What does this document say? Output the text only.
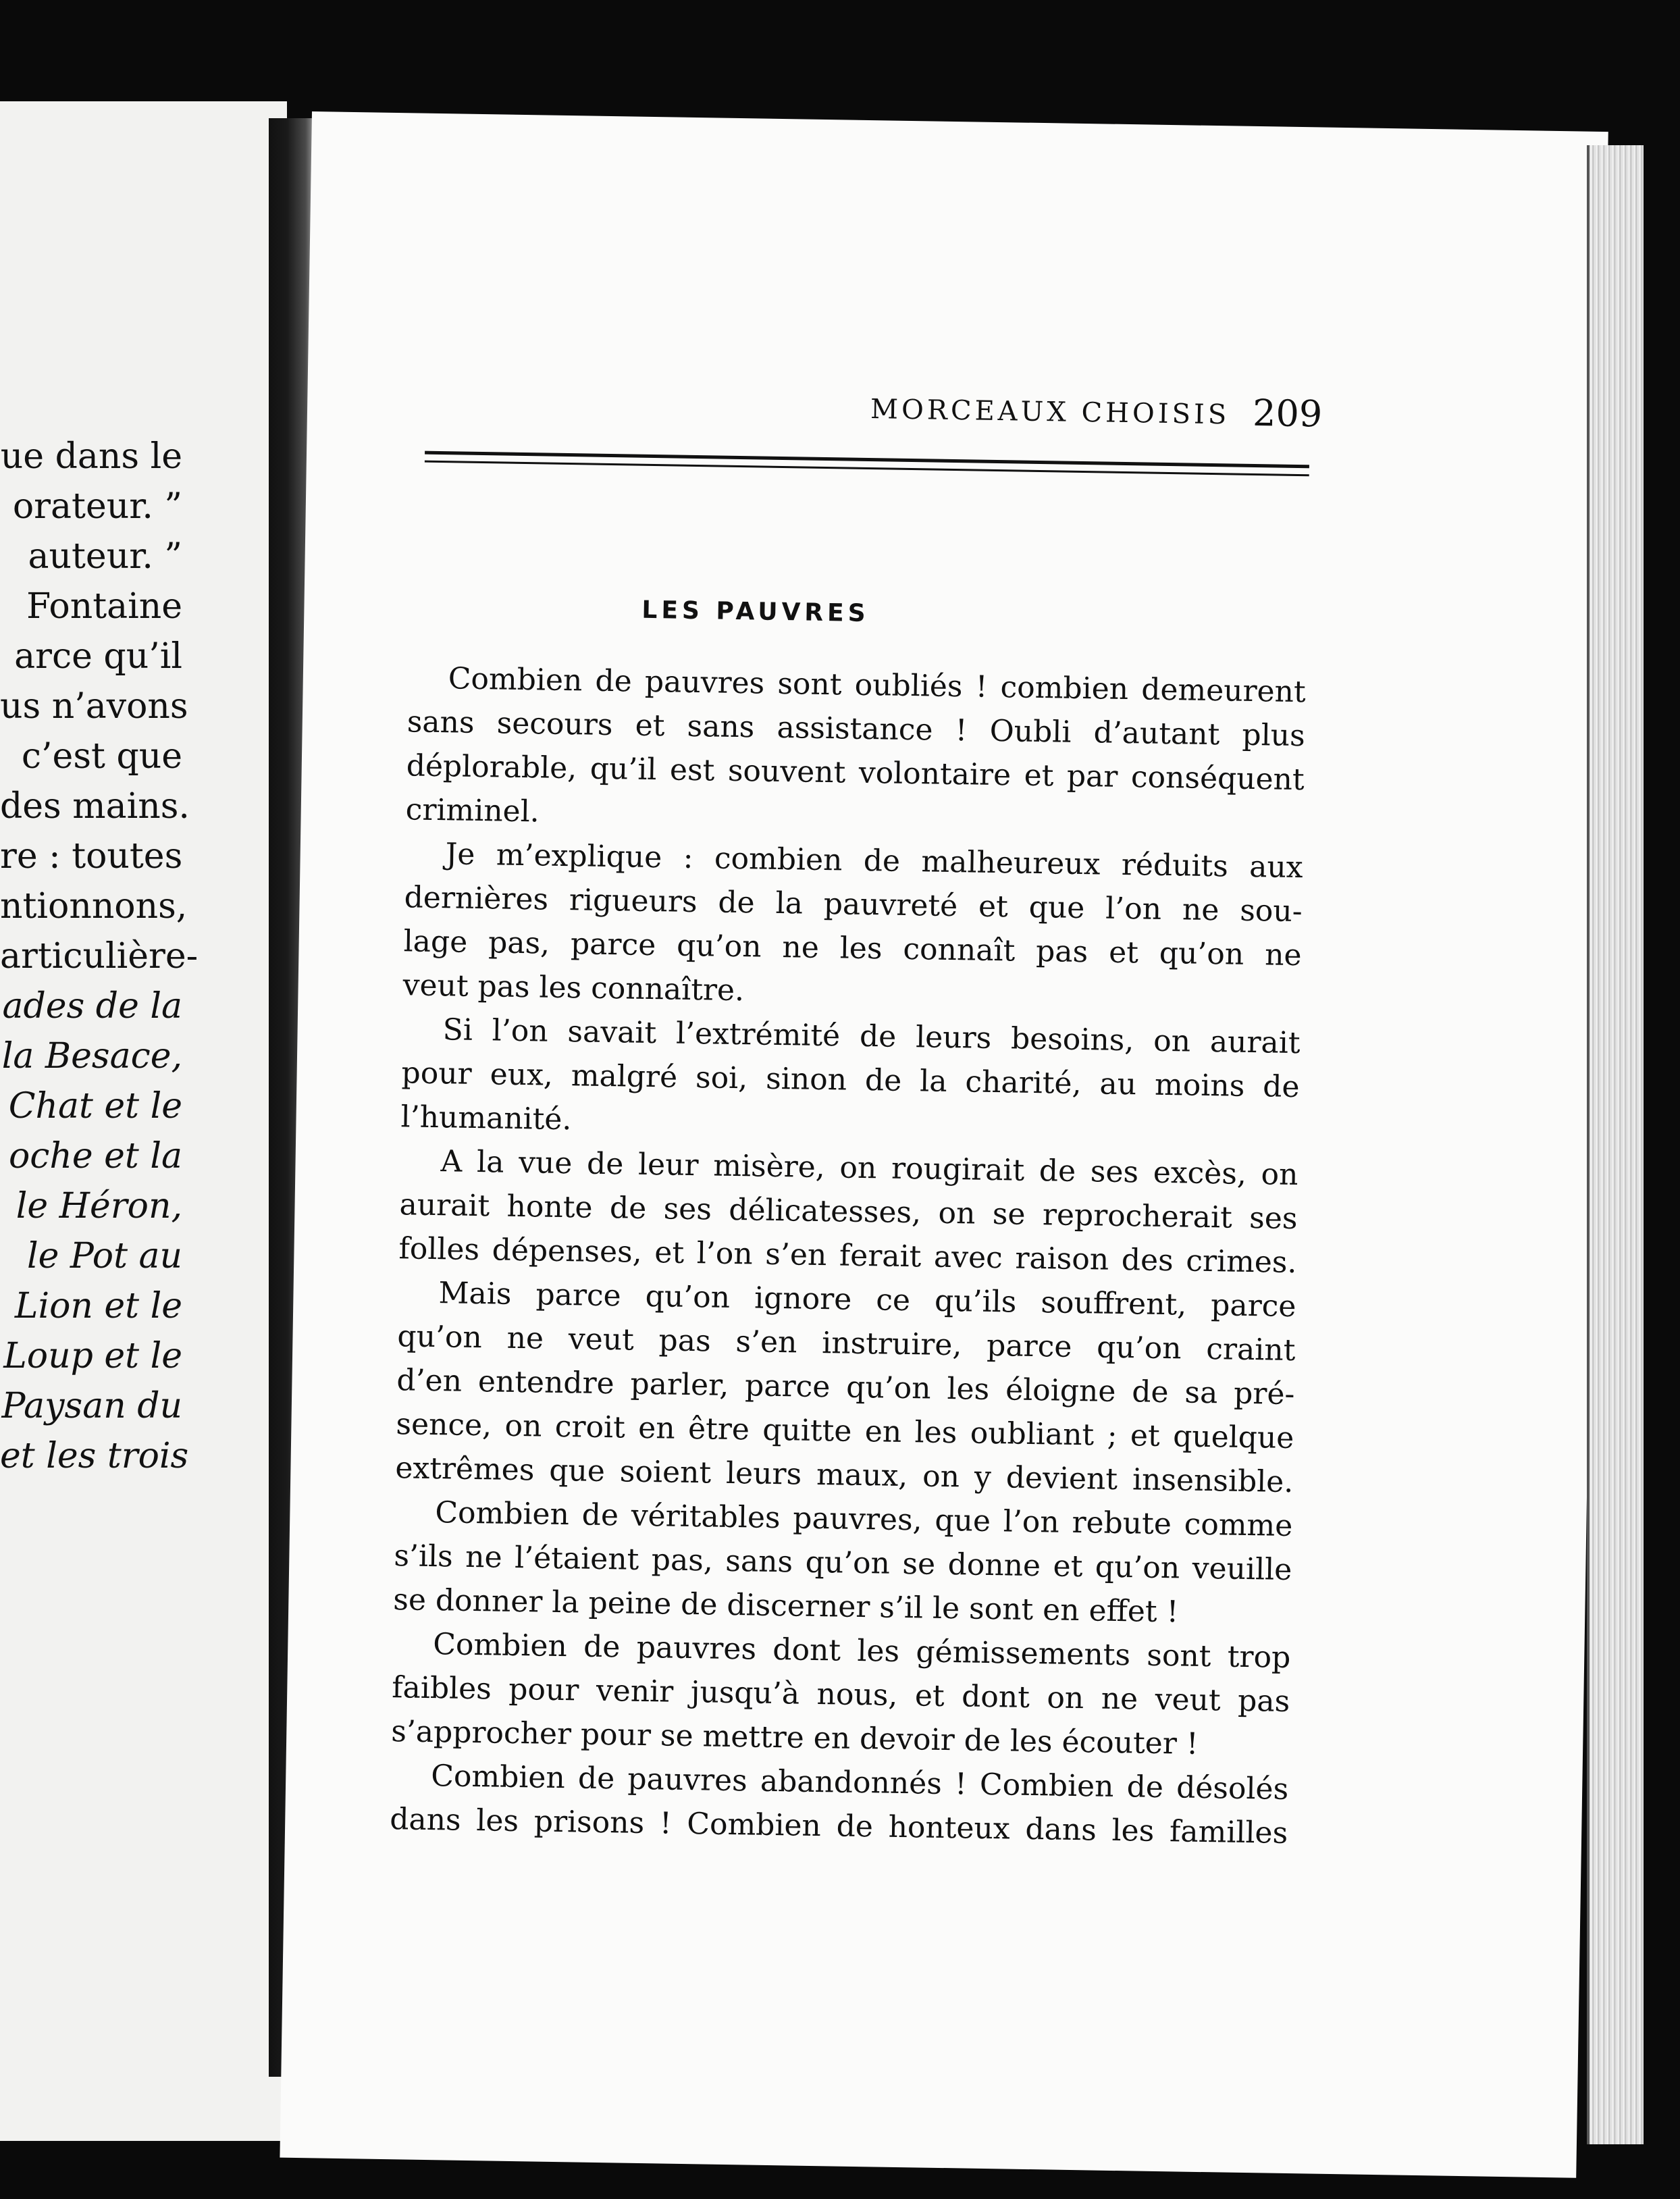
ue dans le
orateur. ”
auteur. ”
Fontaine
arce qu’il
us n’avons
c’est que
des mains.
re : toutes
ntionnons,
articulière-
ades de la
la Besace,
Chat et le
oche et la
le Héron,
le Pot au
Lion et le
Loup et le
Paysan du
et les trois
MORCEAUX CHOISIS 209
LES PAUVRES
Combien de pauvres sont oubliés ! combien demeurent
sans secours et sans assistance ! Oubli d’autant plus
déplorable, qu’il est souvent volontaire et par conséquent
criminel.
Je m’explique : combien de malheureux réduits aux
dernières rigueurs de la pauvreté et que l’on ne sou-
lage pas, parce qu’on ne les connaît pas et qu’on ne
veut pas les connaître.
Si l’on savait l’extrémité de leurs besoins, on aurait
pour eux, malgré soi, sinon de la charité, au moins de
l’humanité.
A la vue de leur misère, on rougirait de ses excès, on
aurait honte de ses délicatesses, on se reprocherait ses
folles dépenses, et l’on s’en ferait avec raison des crimes.
Mais parce qu’on ignore ce qu’ils souffrent, parce
qu’on ne veut pas s’en instruire, parce qu’on craint
d’en entendre parler, parce qu’on les éloigne de sa pré-
sence, on croit en être quitte en les oubliant ; et quelque
extrêmes que soient leurs maux, on y devient insensible.
Combien de véritables pauvres, que l’on rebute comme
s’ils ne l’étaient pas, sans qu’on se donne et qu’on veuille
se donner la peine de discerner s’il le sont en effet !
Combien de pauvres dont les gémissements sont trop
faibles pour venir jusqu’à nous, et dont on ne veut pas
s’approcher pour se mettre en devoir de les écouter !
Combien de pauvres abandonnés ! Combien de désolés
dans les prisons ! Combien de honteux dans les familles
